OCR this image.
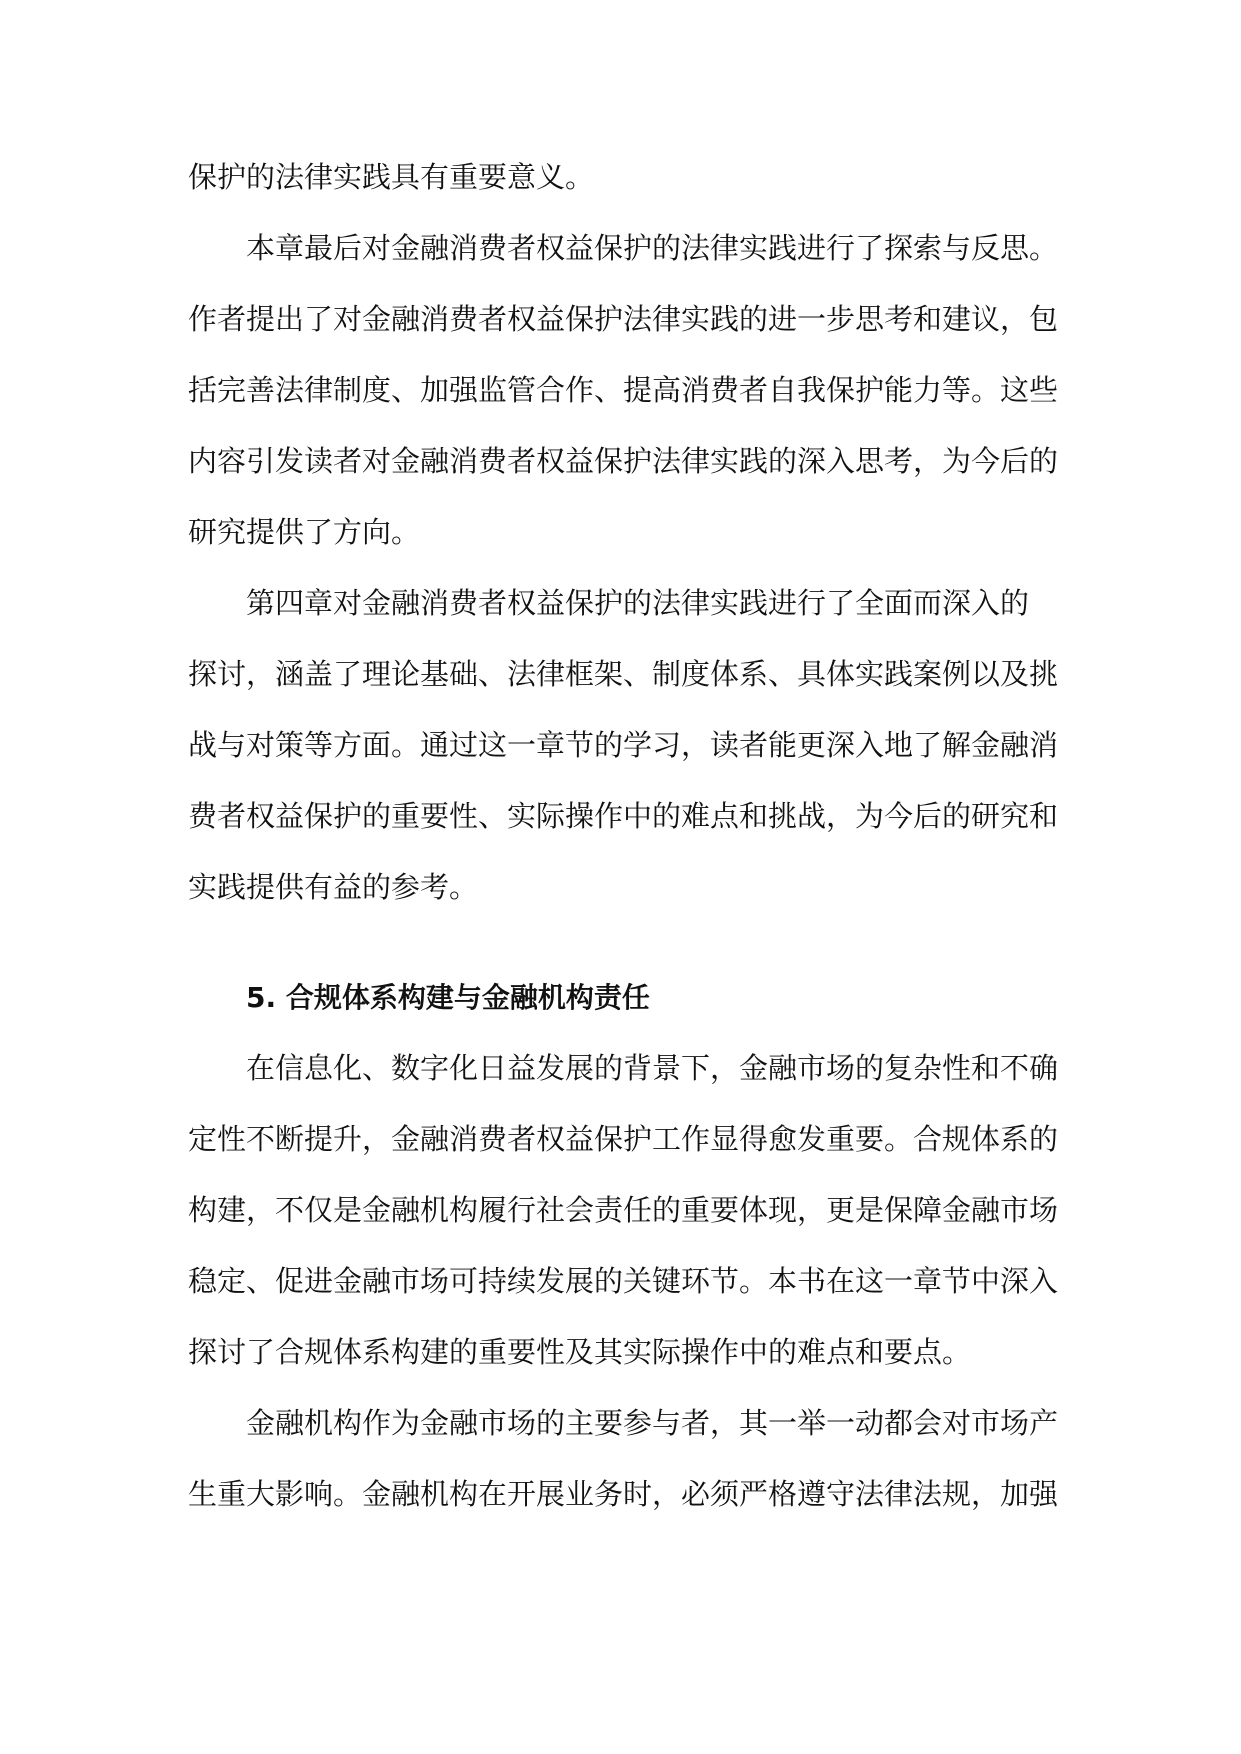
保护的法律实践具有重要意义。
本章最后对金融消费者权益保护的法律实践进行了探索与反思。
作者提出了对金融消费者权益保护法律实践的进一步思考和建议，包
括完善法律制度、加强监管合作、提高消费者自我保护能力等。这些
内容引发读者对金融消费者权益保护法律实践的深入思考，为今后的
研究提供了方向。
第四章对金融消费者权益保护的法律实践进行了全面而深入的
探讨，涵盖了理论基础、法律框架、制度体系、具体实践案例以及挑
战与对策等方面。通过这一章节的学习，读者能更深入地了解金融消
费者权益保护的重要性、实际操作中的难点和挑战，为今后的研究和
实践提供有益的参考。
5. 合规体系构建与金融机构责任
在信息化、数字化日益发展的背景下，金融市场的复杂性和不确
定性不断提升，金融消费者权益保护工作显得愈发重要。合规体系的
构建，不仅是金融机构履行社会责任的重要体现，更是保障金融市场
稳定、促进金融市场可持续发展的关键环节。本书在这一章节中深入
探讨了合规体系构建的重要性及其实际操作中的难点和要点。
金融机构作为金融市场的主要参与者，其一举一动都会对市场产
生重大影响。金融机构在开展业务时，必须严格遵守法律法规，加强
